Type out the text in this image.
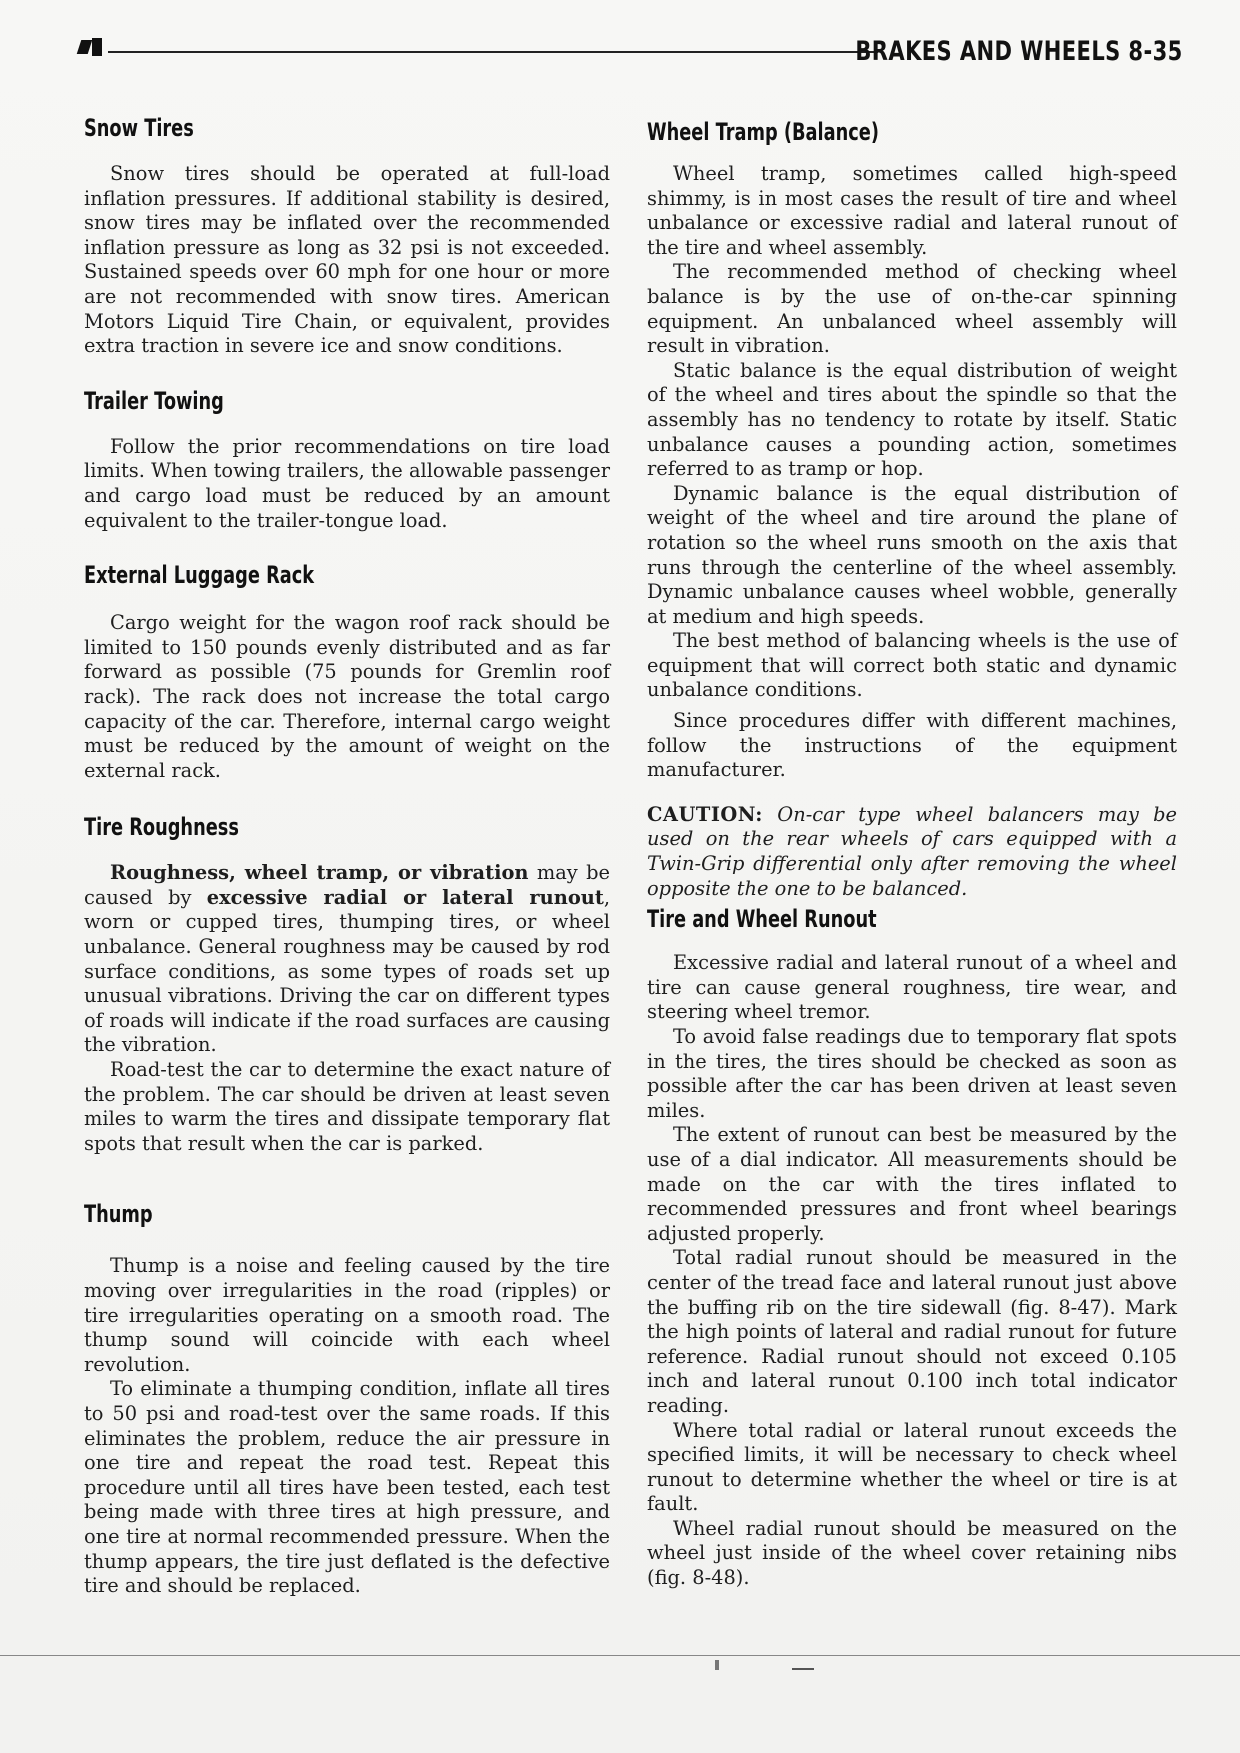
BRAKES AND WHEELS 8-35
Snow Tires

Snow tires should be operated at full-load inflation pressures. If additional stability is desired, snow tires may be inflated over the recommended inflation pressure as long as 32 psi is not exceeded. Sustained speeds over 60 mph for one hour or more are not recommended with snow tires. American Motors Liquid Tire Chain, or equivalent, provides extra traction in severe ice and snow conditions.

Trailer Towing

Follow the prior recommendations on tire load limits. When towing trailers, the allowable passenger and cargo load must be reduced by an amount equivalent to the trailer-tongue load.

External Luggage Rack

Cargo weight for the wagon roof rack should be limited to 150 pounds evenly distributed and as far forward as possible (75 pounds for Gremlin roof rack). The rack does not increase the total cargo capacity of the car. Therefore, internal cargo weight must be reduced by the amount of weight on the external rack.

Tire Roughness

Roughness, wheel tramp, or vibration may be caused by excessive radial or lateral runout, worn or cupped tires, thumping tires, or wheel unbalance. General roughness may be caused by rod surface conditions, as some types of roads set up unusual vibrations. Driving the car on different types of roads will indicate if the road surfaces are causing the vibration.

Road-test the car to determine the exact nature of the problem. The car should be driven at least seven miles to warm the tires and dissipate temporary flat spots that result when the car is parked.

Thump

Thump is a noise and feeling caused by the tire moving over irregularities in the road (ripples) or tire irregularities operating on a smooth road. The thump sound will coincide with each wheel revolution.

To eliminate a thumping condition, inflate all tires to 50 psi and road-test over the same roads. If this eliminates the problem, reduce the air pressure in one tire and repeat the road test. Repeat this procedure until all tires have been tested, each test being made with three tires at high pressure, and one tire at normal recommended pressure. When the thump appears, the tire just deflated is the defective tire and should be replaced.

Wheel Tramp (Balance)

Wheel tramp, sometimes called high-speed shimmy, is in most cases the result of tire and wheel unbalance or excessive radial and lateral runout of the tire and wheel assembly.

The recommended method of checking wheel balance is by the use of on-the-car spinning equipment. An unbalanced wheel assembly will result in vibration.

Static balance is the equal distribution of weight of the wheel and tires about the spindle so that the assembly has no tendency to rotate by itself. Static unbalance causes a pounding action, sometimes referred to as tramp or hop.

Dynamic balance is the equal distribution of weight of the wheel and tire around the plane of rotation so the wheel runs smooth on the axis that runs through the centerline of the wheel assembly. Dynamic unbalance causes wheel wobble, generally at medium and high speeds.

The best method of balancing wheels is the use of equipment that will correct both static and dynamic unbalance conditions.

Since procedures differ with different machines, follow the instructions of the equipment manufacturer.

CAUTION: On-car type wheel balancers may be used on the rear wheels of cars equipped with a Twin-Grip differential only after removing the wheel opposite the one to be balanced.

Tire and Wheel Runout

Excessive radial and lateral runout of a wheel and tire can cause general roughness, tire wear, and steering wheel tremor.

To avoid false readings due to temporary flat spots in the tires, the tires should be checked as soon as possible after the car has been driven at least seven miles.

The extent of runout can best be measured by the use of a dial indicator. All measurements should be made on the car with the tires inflated to recommended pressures and front wheel bearings adjusted properly.

Total radial runout should be measured in the center of the tread face and lateral runout just above the buffing rib on the tire sidewall (fig. 8-47). Mark the high points of lateral and radial runout for future reference. Radial runout should not exceed 0.105 inch and lateral runout 0.100 inch total indicator reading.

Where total radial or lateral runout exceeds the specified limits, it will be necessary to check wheel runout to determine whether the wheel or tire is at fault.

Wheel radial runout should be measured on the wheel just inside of the wheel cover retaining nibs (fig. 8-48).
